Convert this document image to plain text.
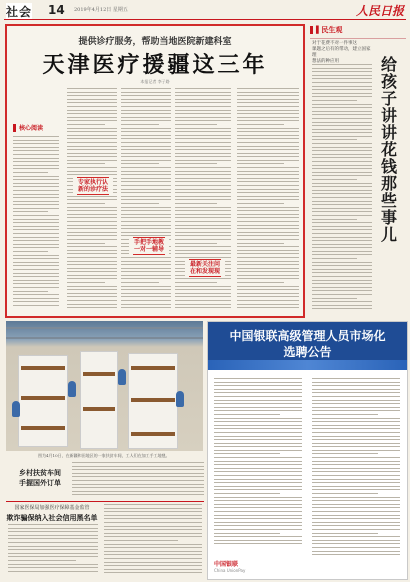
社会 14 2019年4月12日 星期五	人民日报
提供诊疗服务，帮助当地医院新建科室
天津医疗援疆这三年
本报记者 李子路
核心阅读
专家执行认
新的诊疗法
手把手地教
一对一辅导
最新关注问
在和发现现
▌民生观
对于花费不对一件事这
课题之后有的带动，建立国家理
想法的种应用	给孩子讲讲花钱那些事儿
图为4月10日，在新疆和田地区的一家扶贫车间，工人们在加工手工地毯。
乡村扶贫车间
手握国外订单
中国银联高级管理人员市场化
选聘公告
中国银联
China UnionPay
国家医保局加强医疗保障基金监管
欺诈骗保纳入社会信用黑名单
